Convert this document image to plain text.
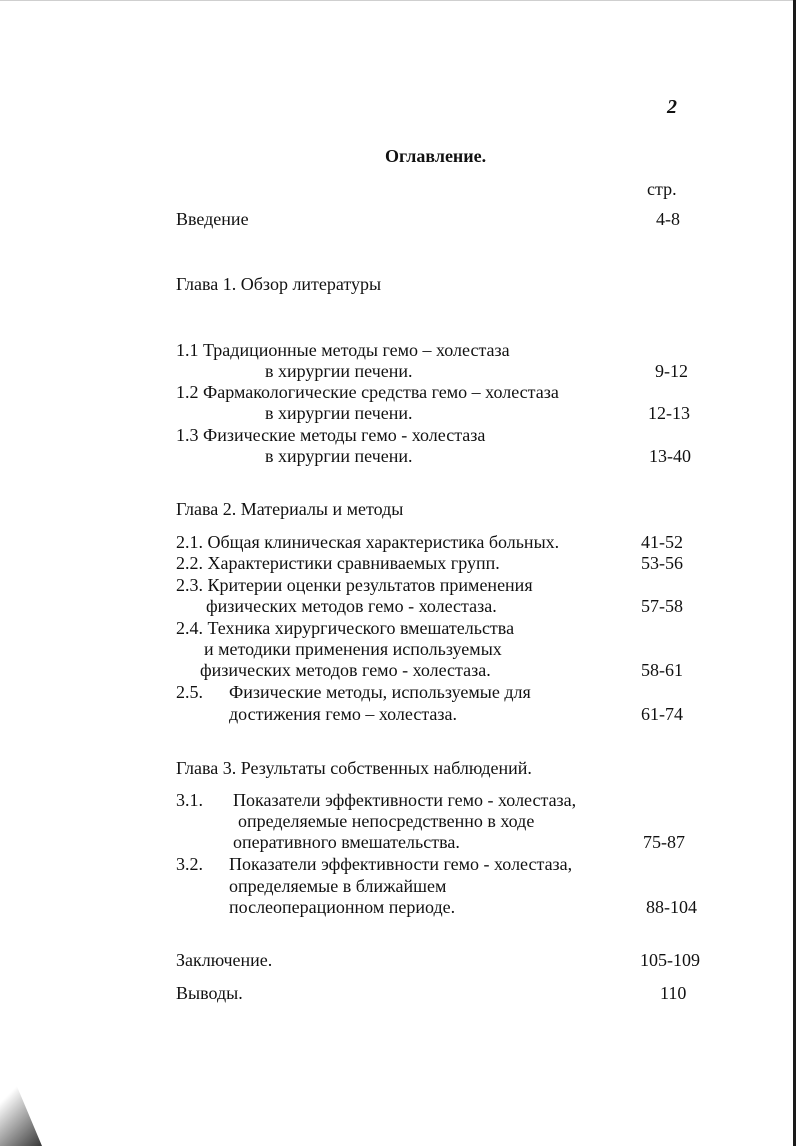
2
Оглавление.
стр.
Введение	4-8
Глава 1. Обзор литературы
1.1 Традиционные методы гемо – холестаза
в хирургии печени.	9-12
1.2 Фармакологические средства гемо – холестаза
в хирургии печени.	12-13
1.3 Физические методы гемо - холестаза
в хирургии печени.	13-40
Глава 2. Материалы и методы
2.1. Общая клиническая характеристика больных.	41-52
2.2. Характеристики сравниваемых групп.	53-56
2.3. Критерии оценки результатов применения
физических методов гемо - холестаза.	57-58
2.4. Техника хирургического вмешательства
и методики применения используемых
физических методов гемо - холестаза.	58-61
2.5. Физические методы, используемые для
достижения гемо – холестаза.	61-74
Глава 3. Результаты собственных наблюдений.
3.1. Показатели эффективности гемо - холестаза,
определяемые непосредственно в ходе
оперативного вмешательства.	75-87
3.2. Показатели эффективности гемо - холестаза,
определяемые в ближайшем
послеоперационном периоде.	88-104
Заключение.	105-109
Выводы.	110
